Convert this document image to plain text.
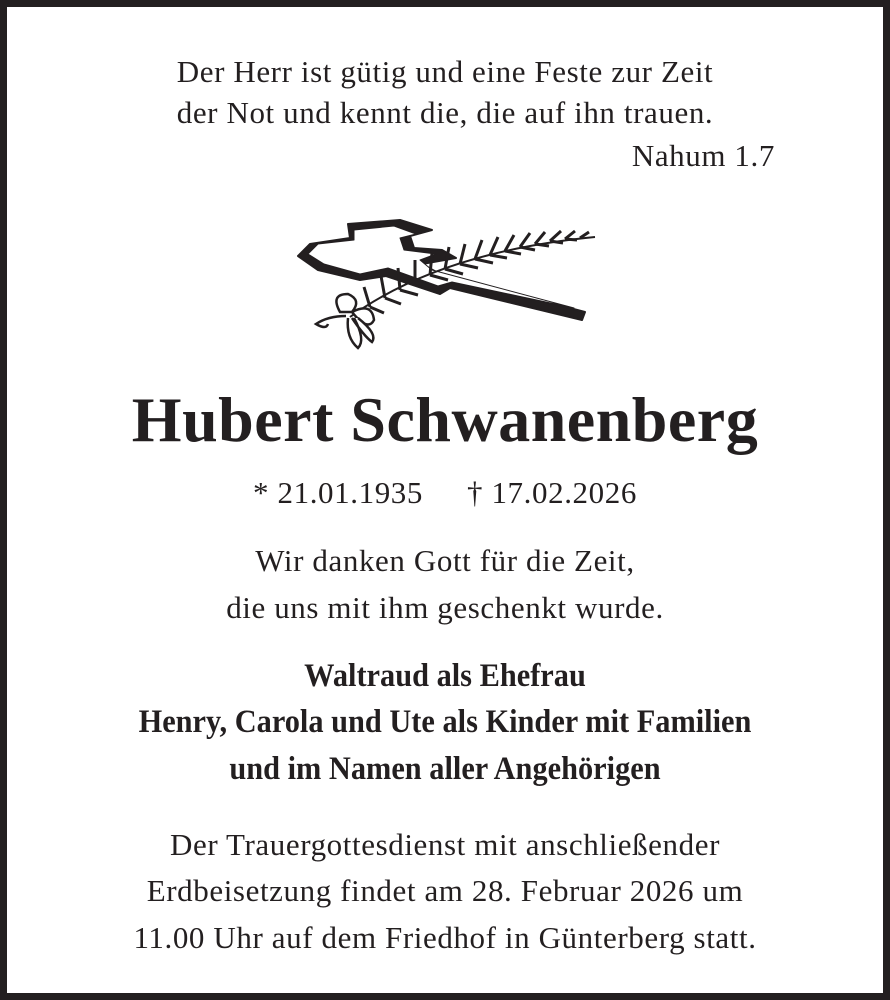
Der Herr ist gütig und eine Feste zur Zeit
der Not und kennt die, die auf ihn trauen.
Nahum 1.7
Hubert Schwanenberg
* 21.01.1935 † 17.02.2026
Wir danken Gott für die Zeit,
die uns mit ihm geschenkt wurde.
Waltraud als Ehefrau
Henry, Carola und Ute als Kinder mit Familien
und im Namen aller Angehörigen
Der Trauergottesdienst mit anschließender
Erdbeisetzung findet am 28. Februar 2026 um
11.00 Uhr auf dem Friedhof in Günterberg statt.
